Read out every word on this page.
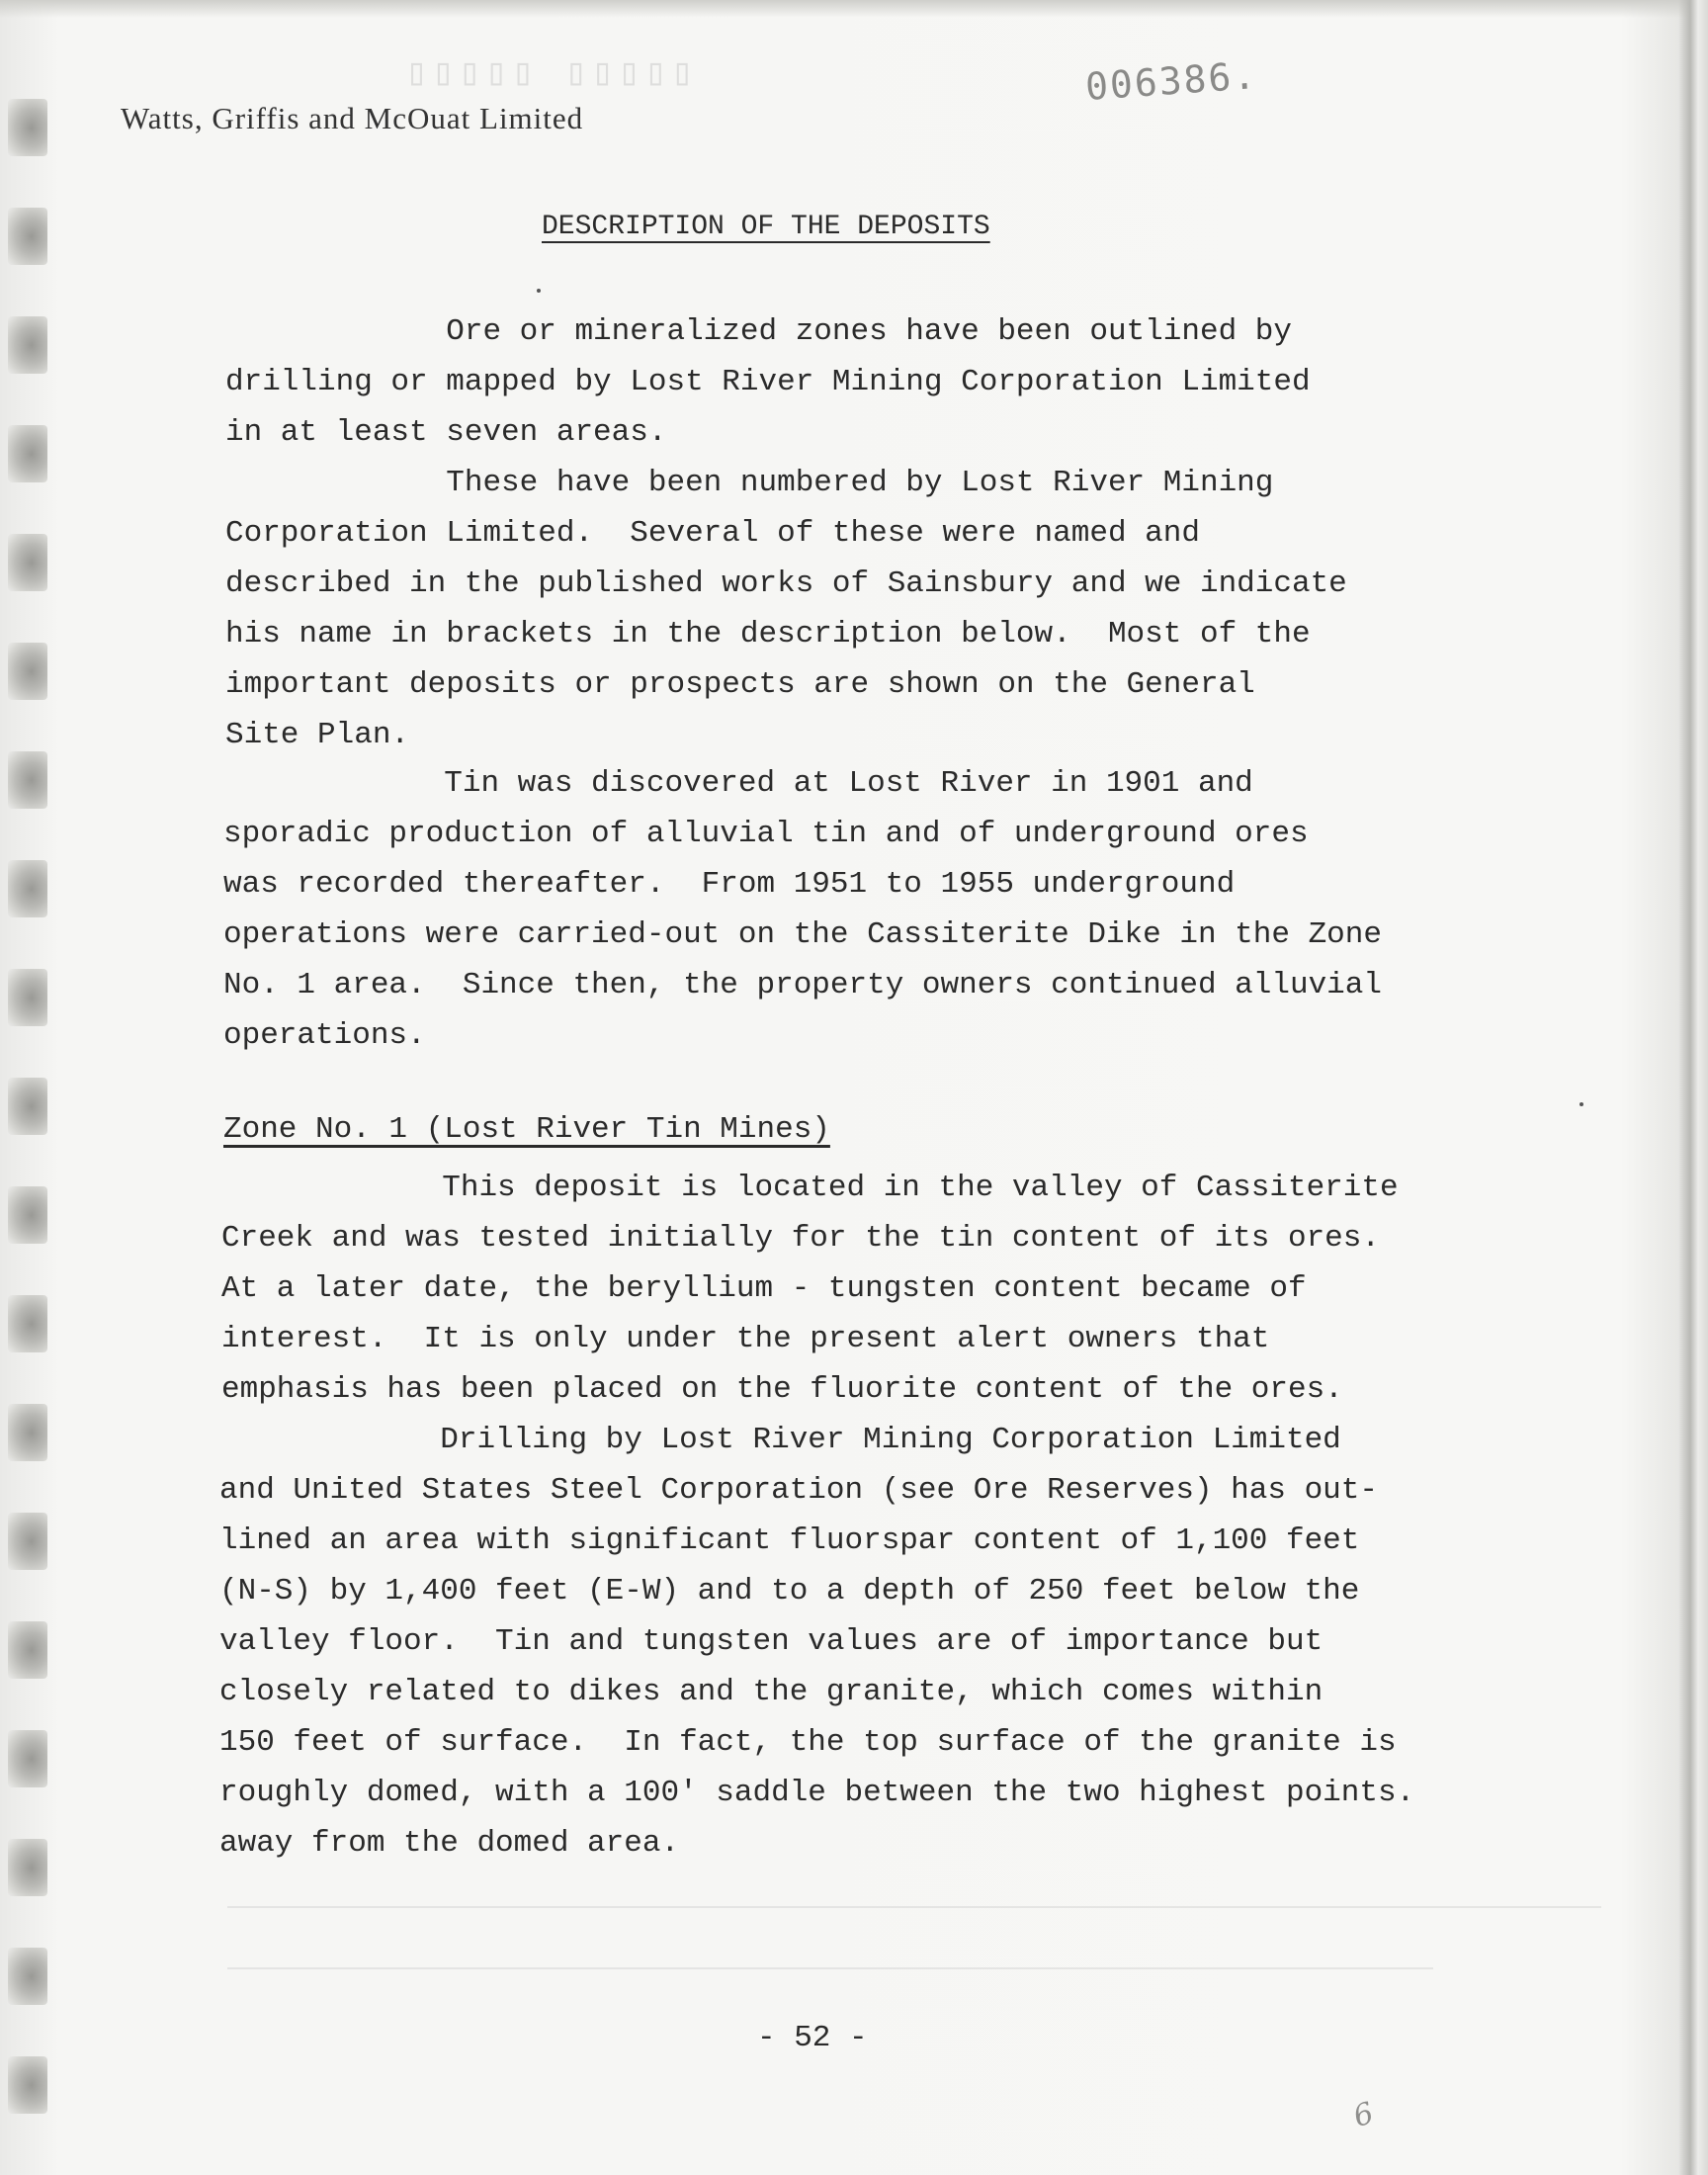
▯▯▯▯▯ ▯▯▯▯▯

Watts, Griffis and McOuat Limited

006386.

DESCRIPTION OF THE DEPOSITS

Ore or mineralized zones have been outlined by
drilling or mapped by Lost River Mining Corporation Limited
in at least seven areas.

These have been numbered by Lost River Mining
Corporation Limited.  Several of these were named and
described in the published works of Sainsbury and we indicate
his name in brackets in the description below.  Most of the
important deposits or prospects are shown on the General
Site Plan.

Tin was discovered at Lost River in 1901 and
sporadic production of alluvial tin and of underground ores
was recorded thereafter.  From 1951 to 1955 underground
operations were carried-out on the Cassiterite Dike in the Zone
No. 1 area.  Since then, the property owners continued alluvial
operations.

Zone No. 1 (Lost River Tin Mines)

This deposit is located in the valley of Cassiterite
Creek and was tested initially for the tin content of its ores.
At a later date, the beryllium - tungsten content became of
interest.  It is only under the present alert owners that
emphasis has been placed on the fluorite content of the ores.

Drilling by Lost River Mining Corporation Limited
and United States Steel Corporation (see Ore Reserves) has out-
lined an area with significant fluorspar content of 1,100 feet
(N-S) by 1,400 feet (E-W) and to a depth of 250 feet below the
valley floor.  Tin and tungsten values are of importance but
closely related to dikes and the granite, which comes within
150 feet of surface.  In fact, the top surface of the granite is
roughly domed, with a 100' saddle between the two highest points.
away from the domed area.

- 52 -

6
